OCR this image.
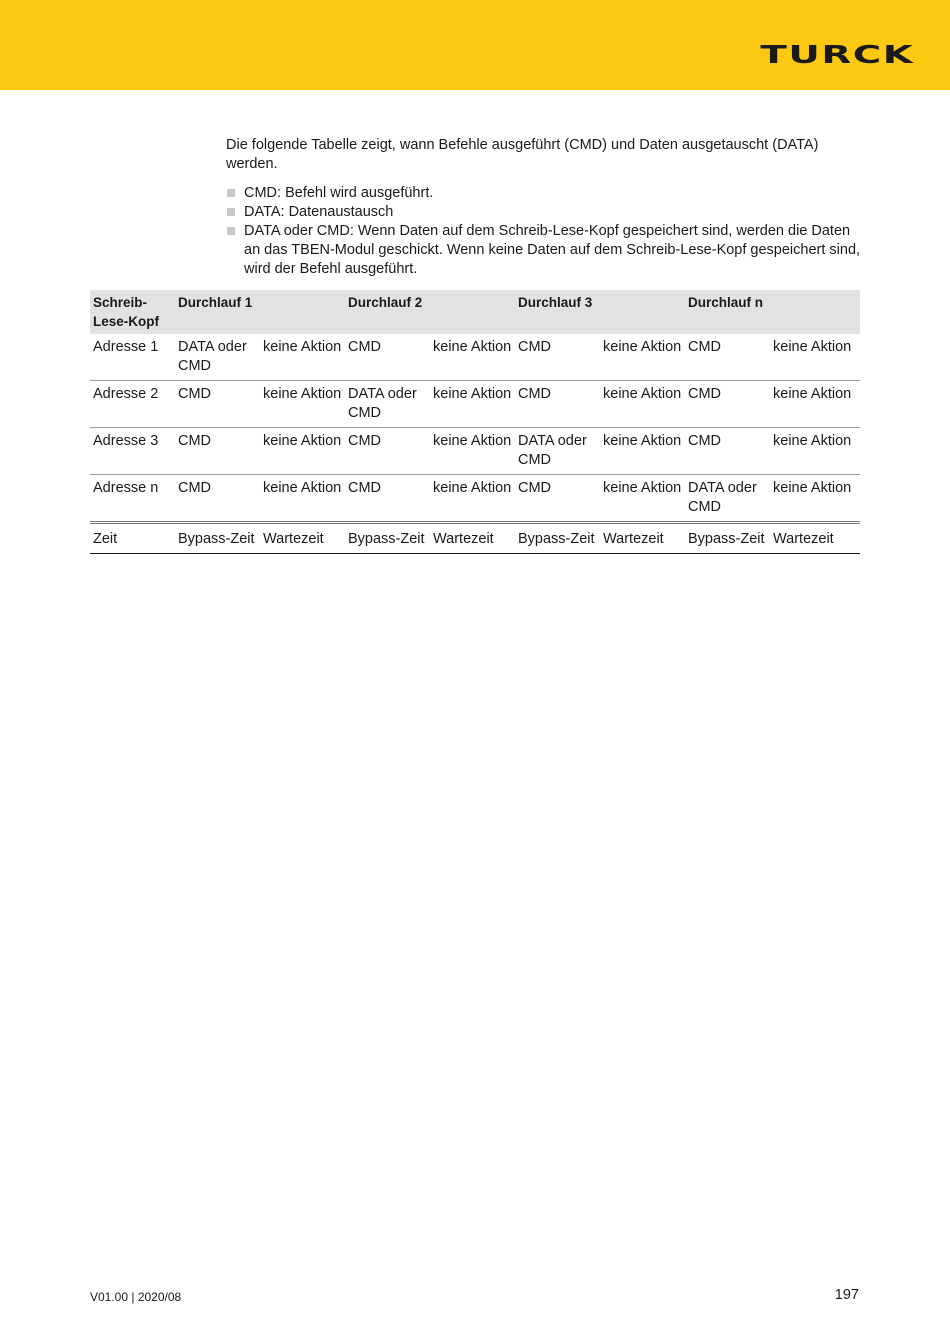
TURCK

Die folgende Tabelle zeigt, wann Befehle ausgeführt (CMD) und Daten ausgetauscht (DATA) werden.

CMD: Befehl wird ausgeführt.
DATA: Datenaustausch
DATA oder CMD: Wenn Daten auf dem Schreib-Lese-Kopf gespeichert sind, werden die Daten an das TBEN-Modul geschickt. Wenn keine Daten auf dem Schreib-Lese-Kopf gespeichert sind, wird der Befehl ausgeführt.
Schreib-Lese-Kopf	Durchlauf 1		Durchlauf 2		Durchlauf 3		Durchlauf n	
Adresse 1	DATA oder CMD	keine Aktion	CMD	keine Aktion	CMD	keine Aktion	CMD	keine Aktion
Adresse 2	CMD	keine Aktion	DATA oder CMD	keine Aktion	CMD	keine Aktion	CMD	keine Aktion
Adresse 3	CMD	keine Aktion	CMD	keine Aktion	DATA oder CMD	keine Aktion	CMD	keine Aktion
Adresse n	CMD	keine Aktion	CMD	keine Aktion	CMD	keine Aktion	DATA oder CMD	keine Aktion
Zeit	Bypass-Zeit	Wartezeit	Bypass-Zeit	Wartezeit	Bypass-Zeit	Wartezeit	Bypass-Zeit	Wartezeit
V01.00 | 2020/08	197
